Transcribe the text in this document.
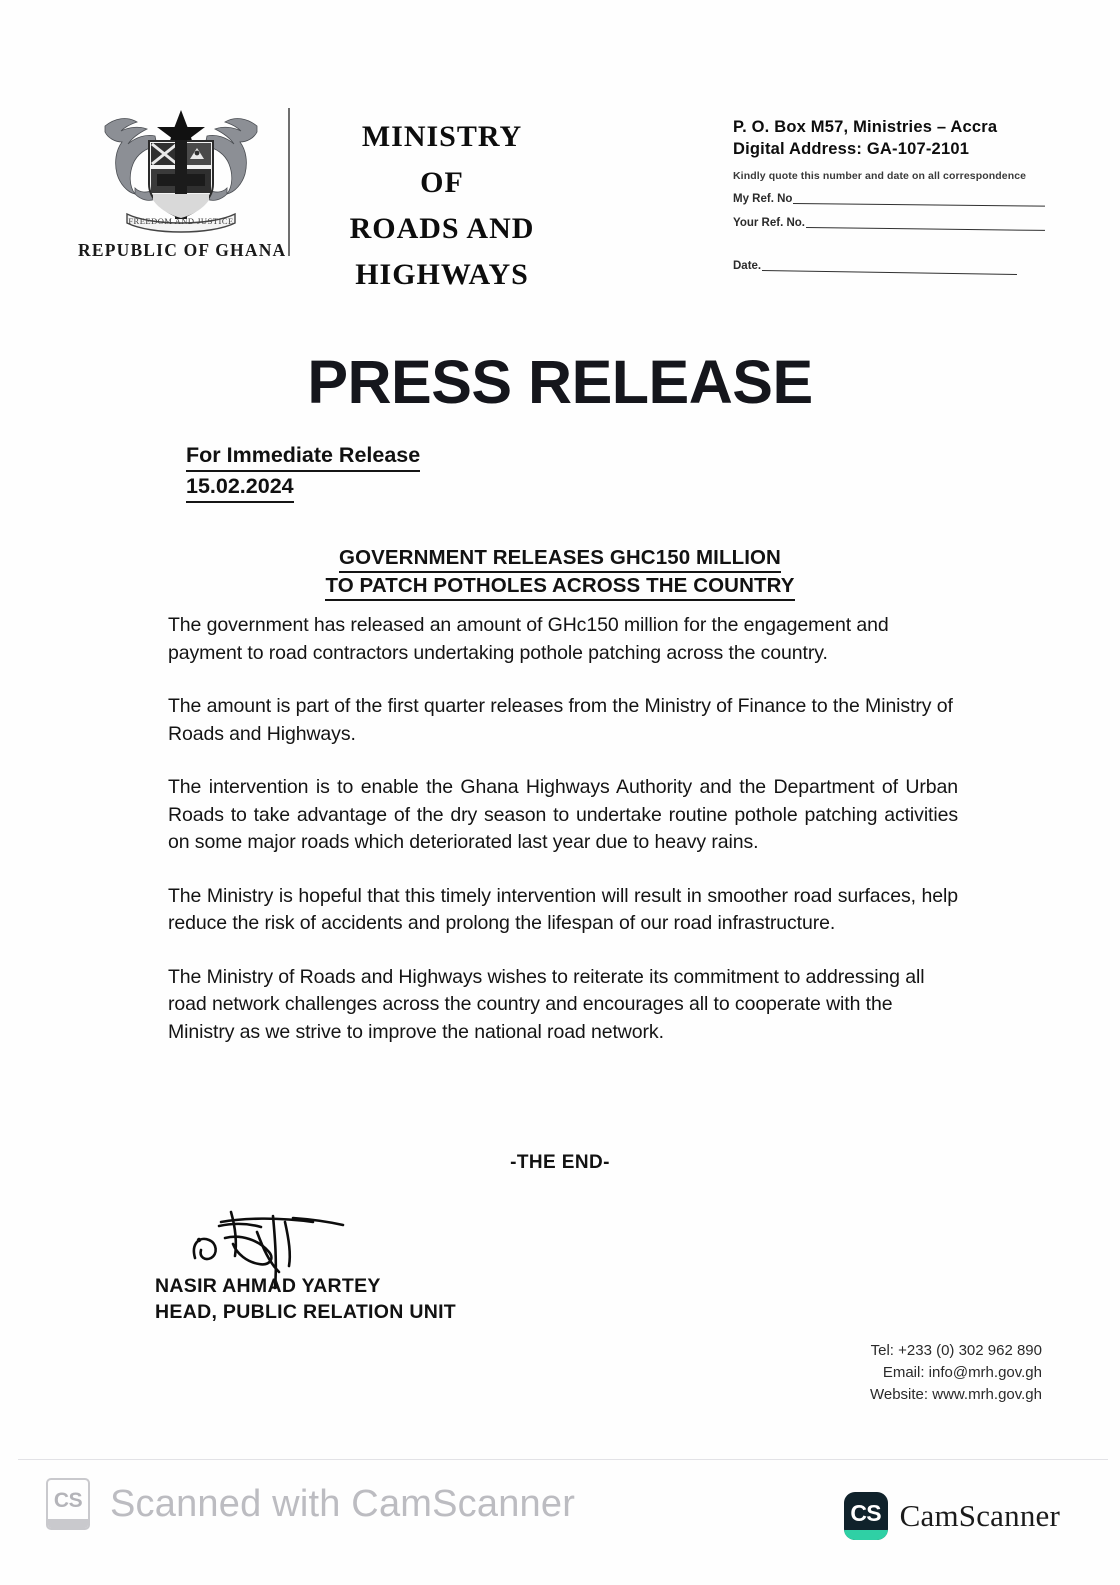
FREEDOM AND JUSTICE
REPUBLIC OF GHANA
MINISTRY
OF
ROADS AND
HIGHWAYS
P. O. Box M57, Ministries – Accra
Digital Address: GA-107-2101
Kindly quote this number and date on all correspondence
My Ref. No
Your Ref. No.
Date.
PRESS RELEASE
For Immediate Release
15.02.2024
GOVERNMENT RELEASES GHC150 MILLION
TO PATCH POTHOLES ACROSS THE COUNTRY

The government has released an amount of GHc150 million for the engagement and payment to road contractors undertaking pothole patching across the country.

The amount is part of the first quarter releases from the Ministry of Finance to the Ministry of Roads and Highways.

The intervention is to enable the Ghana Highways Authority and the Department of Urban Roads to take advantage of the dry season to undertake routine pothole patching activities on some major roads which deteriorated last year due to heavy rains.

The Ministry is hopeful that this timely intervention will result in smoother road surfaces, help reduce the risk of accidents and prolong the lifespan of our road infrastructure.

The Ministry of Roads and Highways wishes to reiterate its commitment to addressing all road network challenges across the country and encourages all to cooperate with the Ministry as we strive to improve the national road network.

-THE END-
NASIR AHMAD YARTEY
HEAD, PUBLIC RELATION UNIT
Tel: +233 (0) 302 962 890
Email: info@mrh.gov.gh
Website: www.mrh.gov.gh
CS Scanned with CamScanner	CS CamScanner
